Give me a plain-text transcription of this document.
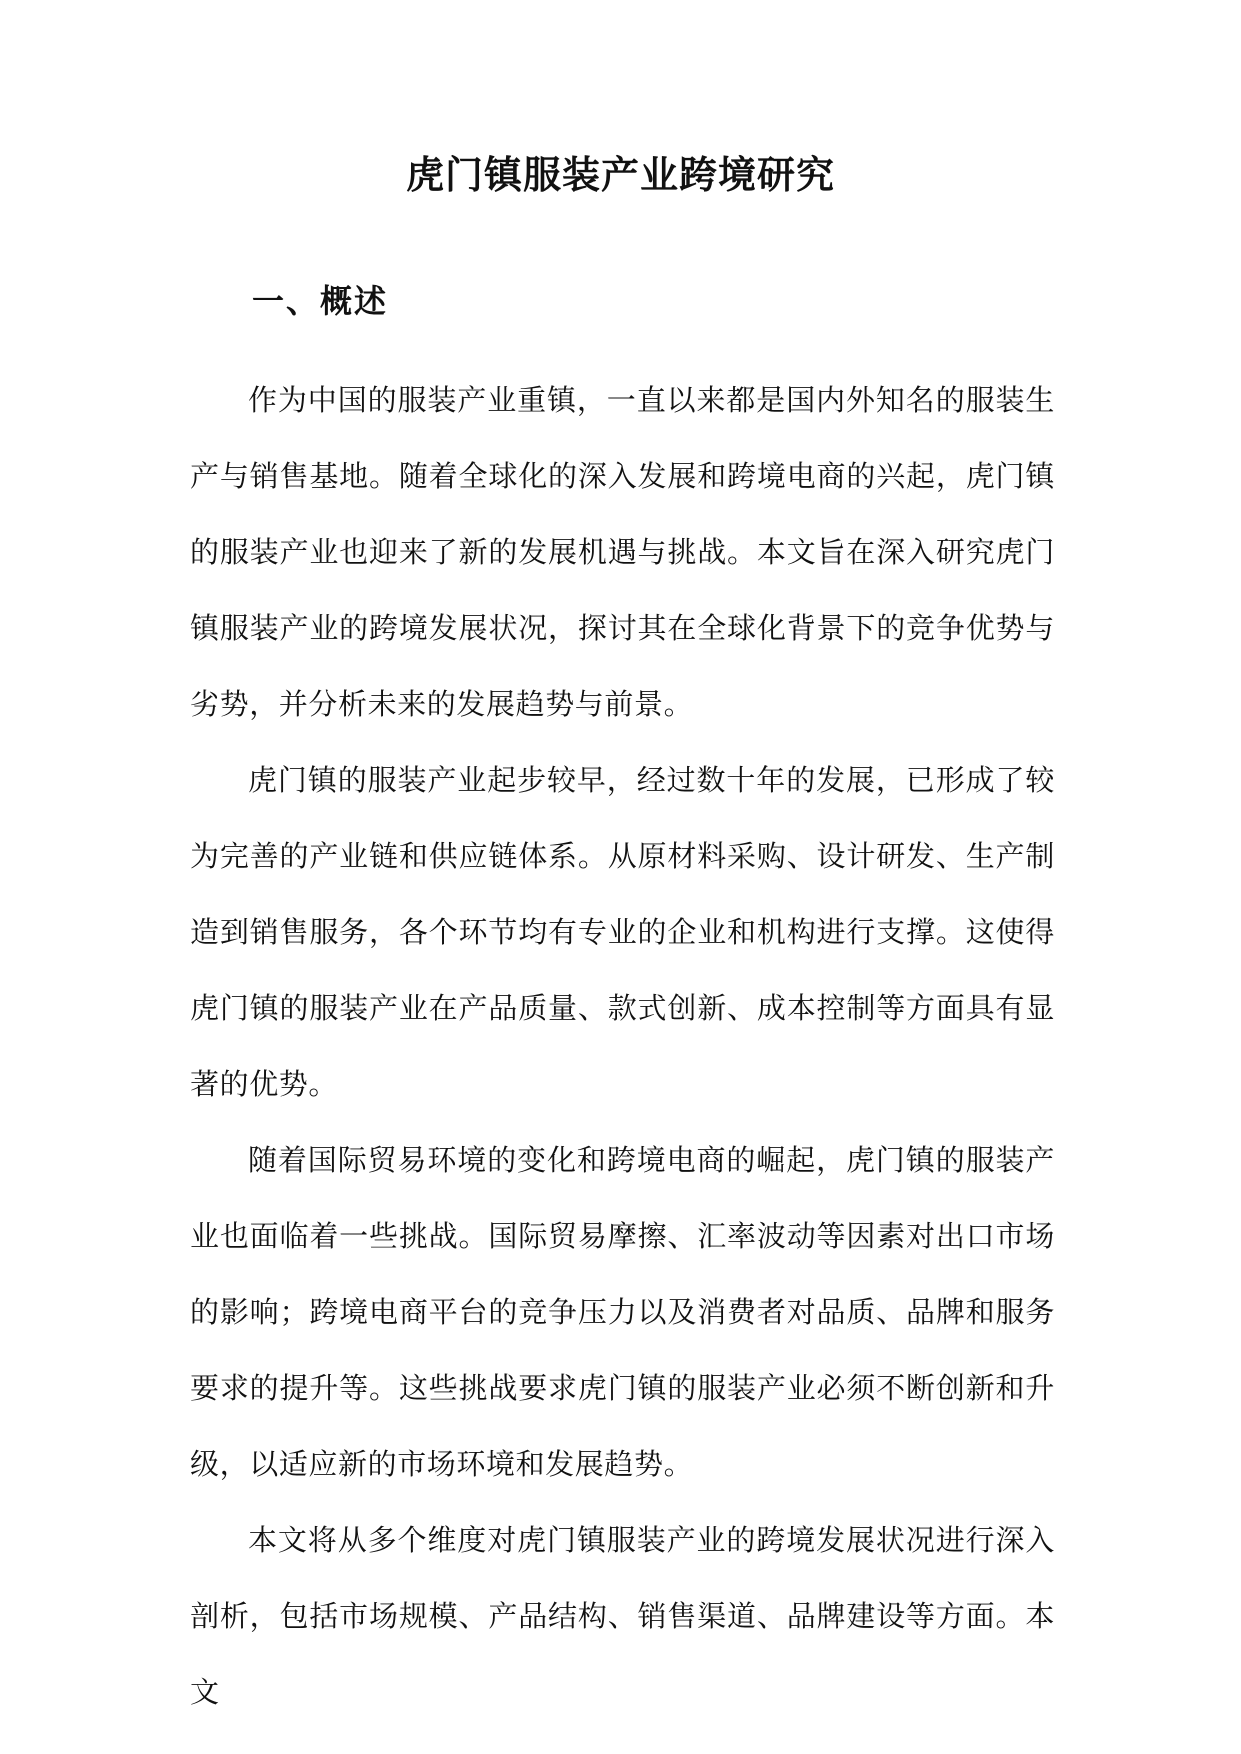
虎门镇服装产业跨境研究
一、概述

作为中国的服装产业重镇，一直以来都是国内外知名的服装生产与销售基地。随着全球化的深入发展和跨境电商的兴起，虎门镇的服装产业也迎来了新的发展机遇与挑战。本文旨在深入研究虎门镇服装产业的跨境发展状况，探讨其在全球化背景下的竞争优势与劣势，并分析未来的发展趋势与前景。

虎门镇的服装产业起步较早，经过数十年的发展，已形成了较为完善的产业链和供应链体系。从原材料采购、设计研发、生产制造到销售服务，各个环节均有专业的企业和机构进行支撑。这使得虎门镇的服装产业在产品质量、款式创新、成本控制等方面具有显著的优势。

随着国际贸易环境的变化和跨境电商的崛起，虎门镇的服装产业也面临着一些挑战。国际贸易摩擦、汇率波动等因素对出口市场的影响；跨境电商平台的竞争压力以及消费者对品质、品牌和服务要求的提升等。这些挑战要求虎门镇的服装产业必须不断创新和升级，以适应新的市场环境和发展趋势。

本文将从多个维度对虎门镇服装产业的跨境发展状况进行深入剖析，包括市场规模、产品结构、销售渠道、品牌建设等方面。本文
